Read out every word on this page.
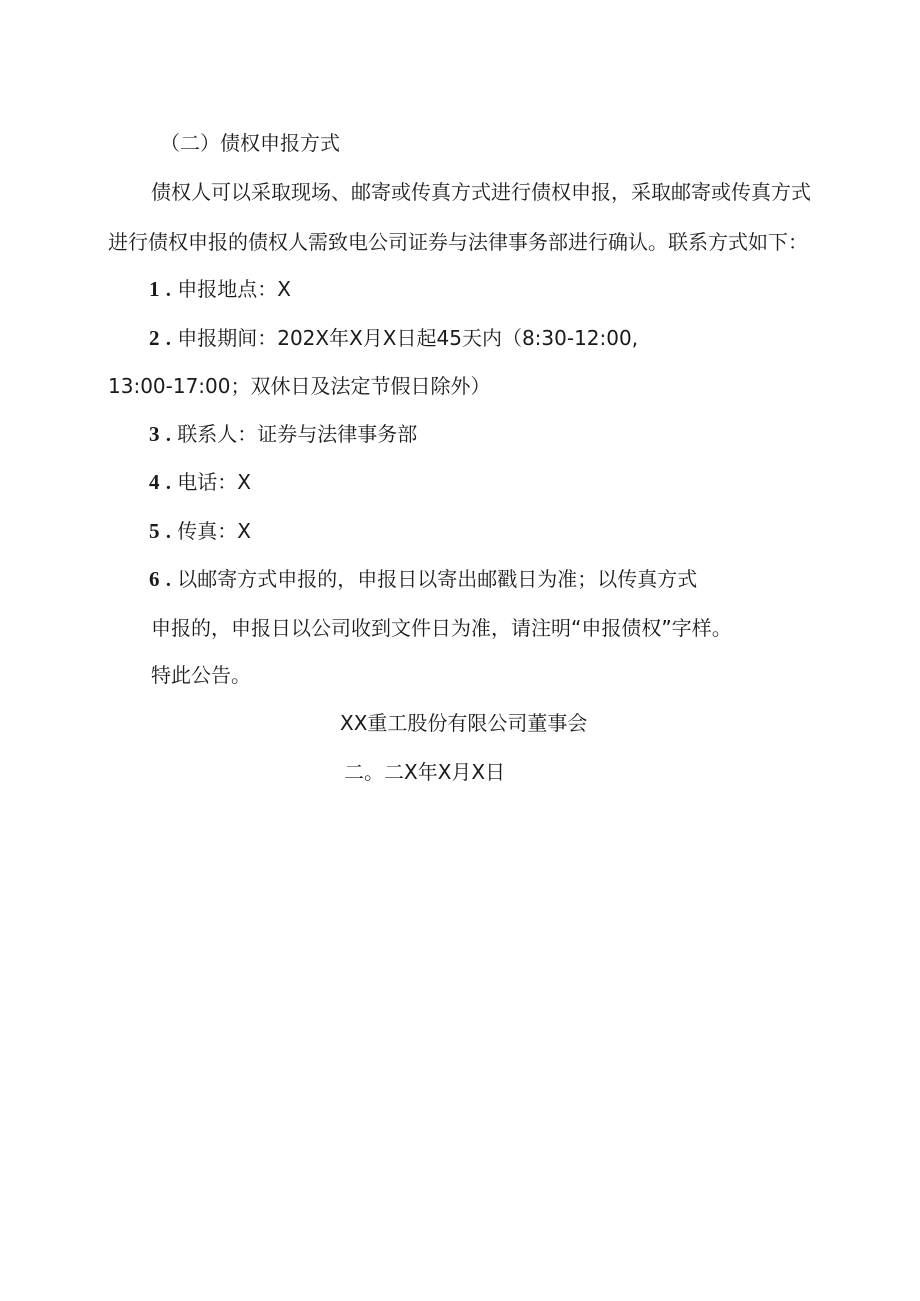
（二）债权申报方式

债权人可以采取现场、邮寄或传真方式进行债权申报，采取邮寄或传真方式

进行债权申报的债权人需致电公司证券与法律事务部进行确认。联系方式如下：

1 . 申报地点：X

2 . 申报期间：202X年X月X日起45天内（8:30-12:00,

13:00-17:00；双休日及法定节假日除外）

3 . 联系人：证券与法律事务部

4 . 电话：X

5 . 传真：X

6 . 以邮寄方式申报的，申报日以寄出邮戳日为准；以传真方式

申报的，申报日以公司收到文件日为准，请注明“申报债权”字样。

特此公告。

XX重工股份有限公司董事会

二。二X年X月X日
